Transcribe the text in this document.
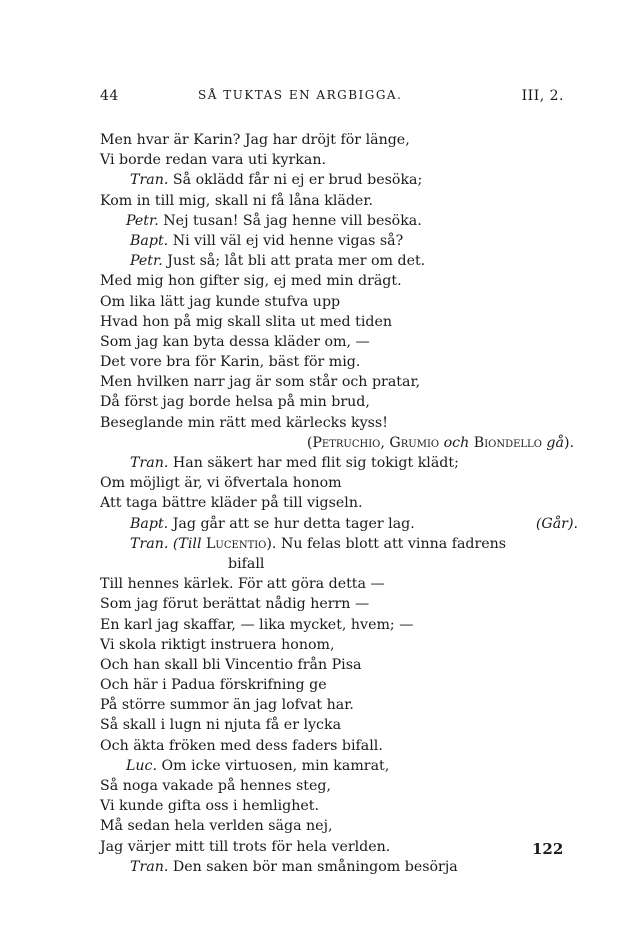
44	SÅ TUKTAS EN ARGBIGGA.	III, 2.
Men hvar är Karin? Jag har dröjt för länge,
Vi borde redan vara uti kyrkan.
Tran. Så oklädd får ni ej er brud besöka;
Kom in till mig, skall ni få låna kläder.
Petr. Nej tusan! Så jag henne vill besöka.
Bapt. Ni vill väl ej vid henne vigas så?
Petr. Just så; låt bli att prata mer om det.
Med mig hon gifter sig, ej med min drägt.
Om lika lätt jag kunde stufva upp
Hvad hon på mig skall slita ut med tiden
Som jag kan byta dessa kläder om, —
Det vore bra för Karin, bäst för mig.
Men hvilken narr jag är som står och pratar,
Då först jag borde helsa på min brud,
Beseglande min rätt med kärlecks kyss!
(Petruchio, Grumio och Biondello gå).
Tran. Han säkert har med flit sig tokigt klädt;
Om möjligt är, vi öfvertala honom
Att taga bättre kläder på till vigseln.
Bapt. Jag går att se hur detta tager lag.	(Går).
Tran. (Till Lucentio). Nu felas blott att vinna fadrens
bifall
Till hennes kärlek. För att göra detta —
Som jag förut berättat nådig herrn —
En karl jag skaffar, — lika mycket, hvem; —
Vi skola riktigt instruera honom,
Och han skall bli Vincentio från Pisa
Och här i Padua förskrifning ge
På större summor än jag lofvat har.
Så skall i lugn ni njuta få er lycka
Och äkta fröken med dess faders bifall.
Luc. Om icke virtuosen, min kamrat,
Så noga vakade på hennes steg,
Vi kunde gifta oss i hemlighet.
Må sedan hela verlden säga nej,
Jag värjer mitt till trots för hela verlden.
Tran. Den saken bör man småningom besörja
122
